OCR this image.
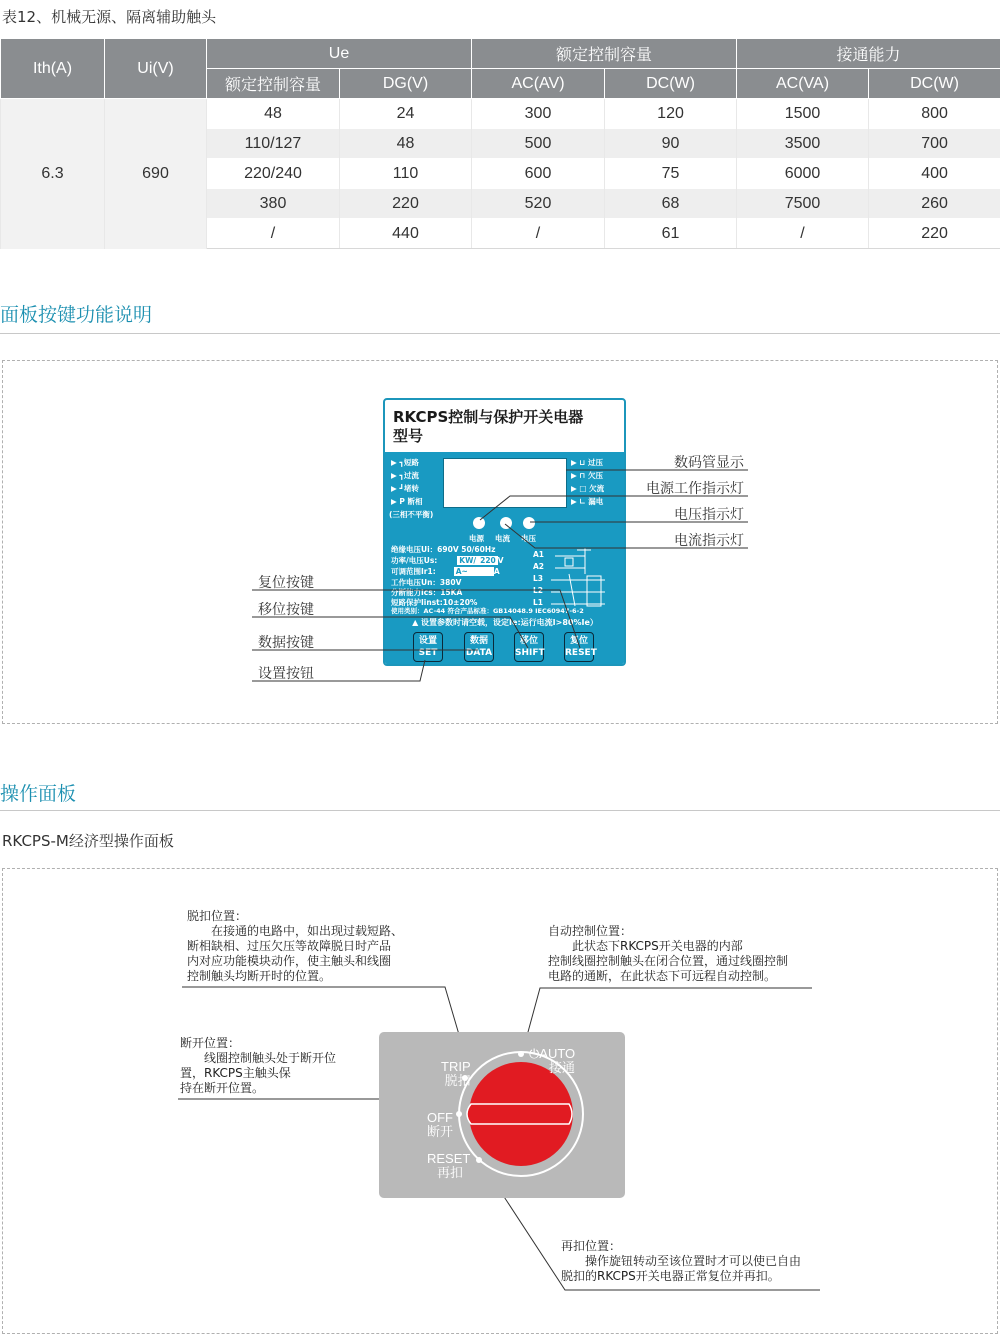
表12、机械无源、隔离辅助触头
Ith(A)	Ui(V)	Ue		额定控制容量		接通能力	
		额定控制容量	DG(V)	AC(AV)	DC(W)	AC(VA)	DC(W)
6.3	690	48	24	300	120	1500	800
		110/127	48	500	90	3500	700
		220/240	110	600	75	6000	400
		380	220	520	68	7500	260
		/	440	/	61	/	220
面板按键功能说明
RKCPS控制与保护开关电器
型号
▶ ┓短路
▶ ┓过流
▶ ┛堵转
▶ P 断相
(三相不平衡)
▶ ⊔ 过压
▶ ⊓ 欠压
▶ □ 欠流
▶ ∟ 漏电
电源 电流 电压
绝缘电压Ui：690V 50/60Hz
功率/电压Us:	KW/ 220 V
可调范围Ir1:	A~	A
工作电压Un：380V
分断能力Ics：15KA
短路保护Iinst:10±20%
使用类别：AC-44 符合产品标准：GB14048.9 IEC60947-6-2
A1
A2
L3
L2
L1
▲ 设置参数时请空载，设定Ie:运行电流I>80%Ie）
设置
SET
数据
DATA
移位
SHIFT
复位
RESET
数码管显示
电源工作指示灯
电压指示灯
电流指示灯
复位按键
移位按键
数据按键
设置按钮
操作面板
RKCPS-M经济型操作面板
TRIP
脱扣
⏻AUTO
接通
OFF
断开
RESET
再扣

脱扣位置：

　　在接通的电路中，如出现过载短路、

断相缺相、过压欠压等故障脱日时产品

内对应功能模块动作，使主触头和线圈

控制触头均断开时的位置。

自动控制位置：

　　此状态下RKCPS开关电器的内部

控制线圈控制触头在闭合位置，通过线圈控制

电路的通断，在此状态下可远程自动控制。

断开位置：

　　线圈控制触头处于断开位

置，RKCPS主触头保

持在断开位置。

再扣位置：

　　操作旋钮转动至该位置时才可以使已自由

脱扣的RKCPS开关电器正常复位并再扣。
